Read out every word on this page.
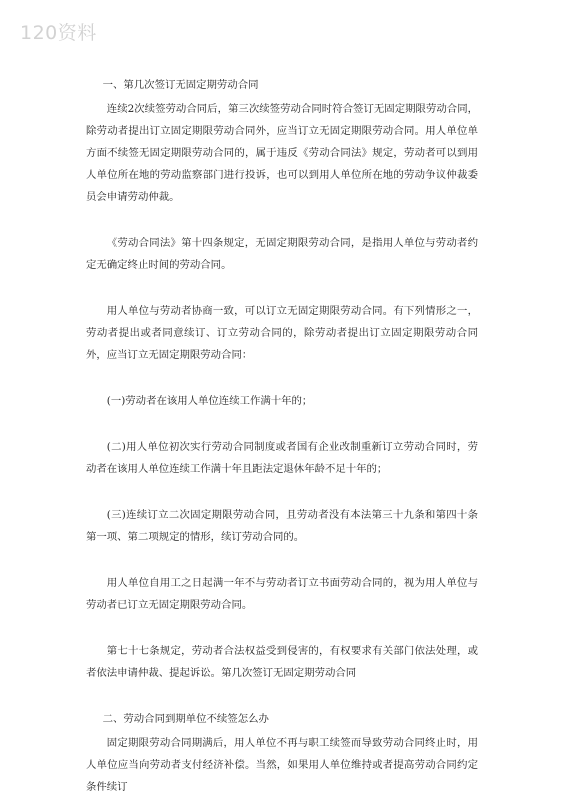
120资料

一、第几次签订无固定期劳动合同

连续2次续签劳动合同后，第三次续签劳动合同时符合签订无固定期限劳动合同，除劳动者提出订立固定期限劳动合同外，应当订立无固定期限劳动合同。用人单位单方面不续签无固定期限劳动合同的，属于违反《劳动合同法》规定，劳动者可以到用人单位所在地的劳动监察部门进行投诉，也可以到用人单位所在地的劳动争议仲裁委员会申请劳动仲裁。

《劳动合同法》第十四条规定，无固定期限劳动合同，是指用人单位与劳动者约定无确定终止时间的劳动合同。

用人单位与劳动者协商一致，可以订立无固定期限劳动合同。有下列情形之一，劳动者提出或者同意续订、订立劳动合同的，除劳动者提出订立固定期限劳动合同外，应当订立无固定期限劳动合同：

(一)劳动者在该用人单位连续工作满十年的；

(二)用人单位初次实行劳动合同制度或者国有企业改制重新订立劳动合同时，劳动者在该用人单位连续工作满十年且距法定退休年龄不足十年的；

(三)连续订立二次固定期限劳动合同，且劳动者没有本法第三十九条和第四十条第一项、第二项规定的情形，续订劳动合同的。

用人单位自用工之日起满一年不与劳动者订立书面劳动合同的，视为用人单位与劳动者已订立无固定期限劳动合同。

第七十七条规定，劳动者合法权益受到侵害的，有权要求有关部门依法处理，或者依法申请仲裁、提起诉讼。第几次签订无固定期劳动合同

二、劳动合同到期单位不续签怎么办

固定期限劳动合同期满后，用人单位不再与职工续签而导致劳动合同终止时，用人单位应当向劳动者支付经济补偿。当然，如果用人单位维持或者提高劳动合同约定条件续订
